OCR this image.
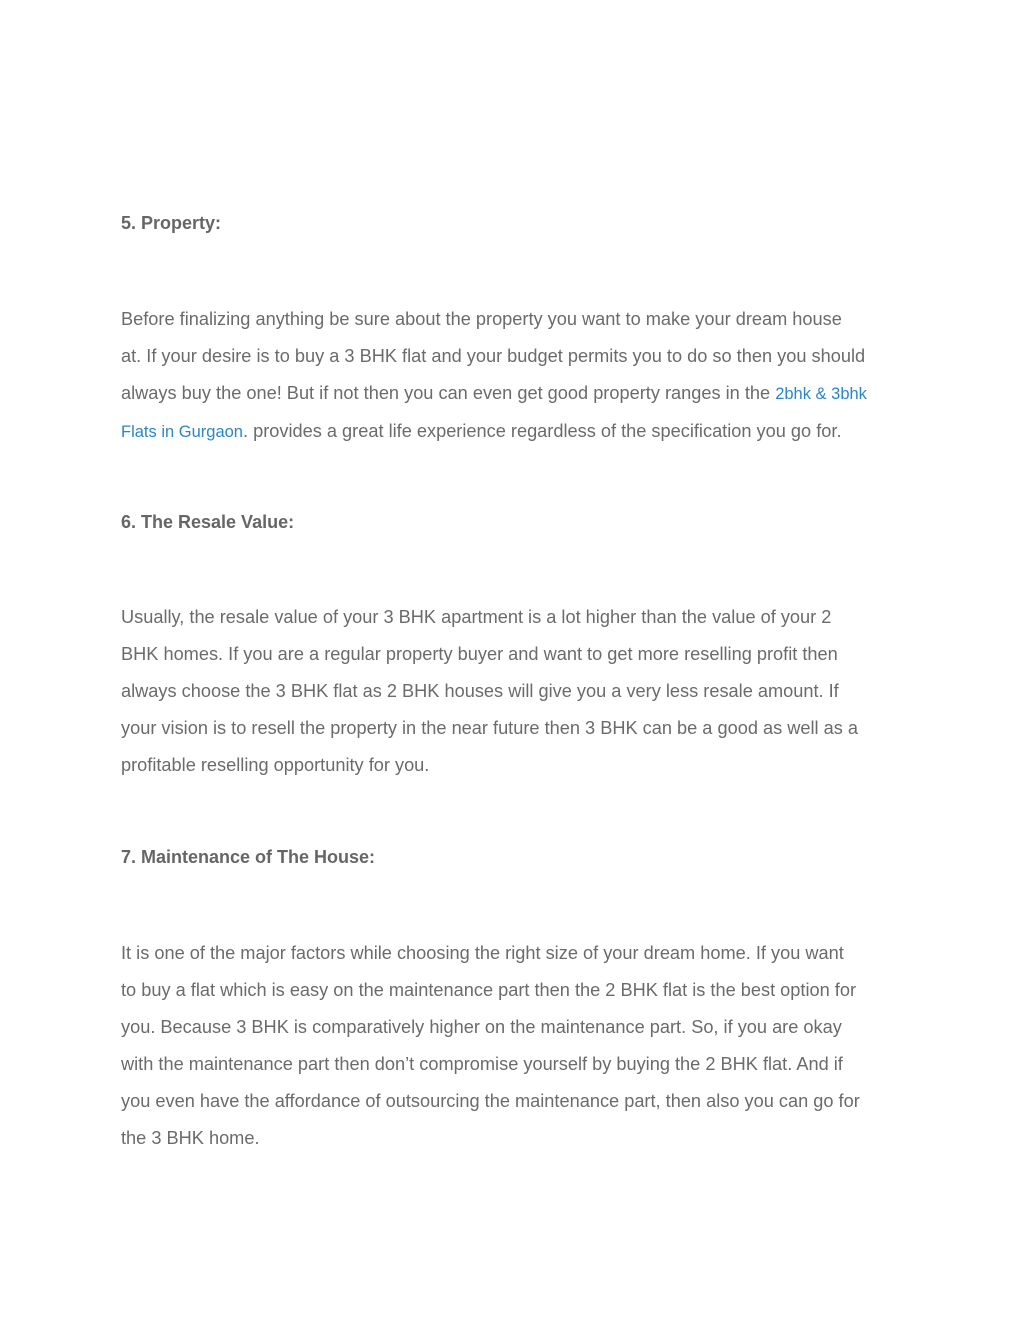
5. Property:

Before finalizing anything be sure about the property you want to make your dream house
at. If your desire is to buy a 3 BHK flat and your budget permits you to do so then you should
always buy the one! But if not then you can even get good property ranges in the 2bhk & 3bhk
Flats in Gurgaon. provides a great life experience regardless of the specification you go for.

6. The Resale Value:

Usually, the resale value of your 3 BHK apartment is a lot higher than the value of your 2
BHK homes. If you are a regular property buyer and want to get more reselling profit then
always choose the 3 BHK flat as 2 BHK houses will give you a very less resale amount. If
your vision is to resell the property in the near future then 3 BHK can be a good as well as a
profitable reselling opportunity for you.

7. Maintenance of The House:

It is one of the major factors while choosing the right size of your dream home. If you want
to buy a flat which is easy on the maintenance part then the 2 BHK flat is the best option for
you. Because 3 BHK is comparatively higher on the maintenance part. So, if you are okay
with the maintenance part then don’t compromise yourself by buying the 2 BHK flat. And if
you even have the affordance of outsourcing the maintenance part, then also you can go for
the 3 BHK home.
